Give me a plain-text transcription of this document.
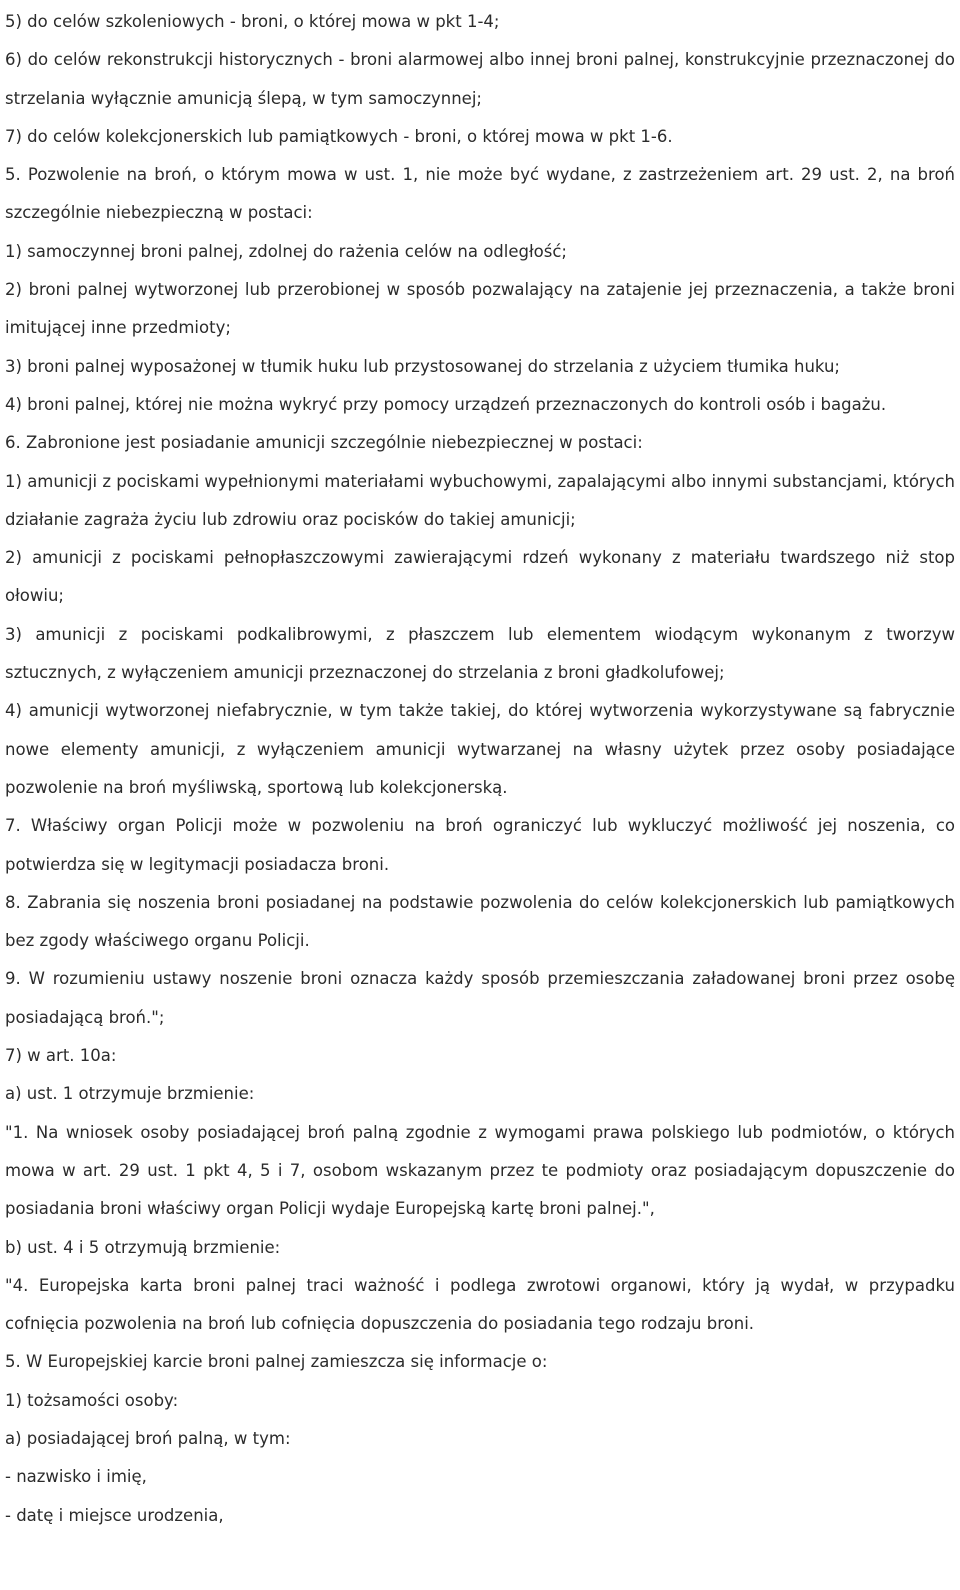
5) do celów szkoleniowych - broni, o której mowa w pkt 1-4;

6) do celów rekonstrukcji historycznych - broni alarmowej albo innej broni palnej, konstrukcyjnie przeznaczonej do strzelania wyłącznie amunicją ślepą, w tym samoczynnej;

7) do celów kolekcjonerskich lub pamiątkowych - broni, o której mowa w pkt 1-6.

5. Pozwolenie na broń, o którym mowa w ust. 1, nie może być wydane, z zastrzeżeniem art. 29 ust. 2, na broń szczególnie niebezpieczną w postaci:

1) samoczynnej broni palnej, zdolnej do rażenia celów na odległość;

2) broni palnej wytworzonej lub przerobionej w sposób pozwalający na zatajenie jej przeznaczenia, a także broni imitującej inne przedmioty;

3) broni palnej wyposażonej w tłumik huku lub przystosowanej do strzelania z użyciem tłumika huku;

4) broni palnej, której nie można wykryć przy pomocy urządzeń przeznaczonych do kontroli osób i bagażu.

6. Zabronione jest posiadanie amunicji szczególnie niebezpiecznej w postaci:

1) amunicji z pociskami wypełnionymi materiałami wybuchowymi, zapalającymi albo innymi substancjami, których działanie zagraża życiu lub zdrowiu oraz pocisków do takiej amunicji;

2) amunicji z pociskami pełnopłaszczowymi zawierającymi rdzeń wykonany z materiału twardszego niż stop ołowiu;

3) amunicji z pociskami podkalibrowymi, z płaszczem lub elementem wiodącym wykonanym z tworzyw sztucznych, z wyłączeniem amunicji przeznaczonej do strzelania z broni gładkolufowej;

4) amunicji wytworzonej niefabrycznie, w tym także takiej, do której wytworzenia wykorzystywane są fabrycznie nowe elementy amunicji, z wyłączeniem amunicji wytwarzanej na własny użytek przez osoby posiadające pozwolenie na broń myśliwską, sportową lub kolekcjonerską.

7. Właściwy organ Policji może w pozwoleniu na broń ograniczyć lub wykluczyć możliwość jej noszenia, co potwierdza się w legitymacji posiadacza broni.

8. Zabrania się noszenia broni posiadanej na podstawie pozwolenia do celów kolekcjonerskich lub pamiątkowych bez zgody właściwego organu Policji.

9. W rozumieniu ustawy noszenie broni oznacza każdy sposób przemieszczania załadowanej broni przez osobę posiadającą broń.";

7) w art. 10a:

a) ust. 1 otrzymuje brzmienie:

"1. Na wniosek osoby posiadającej broń palną zgodnie z wymogami prawa polskiego lub podmiotów, o których mowa w art. 29 ust. 1 pkt 4, 5 i 7, osobom wskazanym przez te podmioty oraz posiadającym dopuszczenie do posiadania broni właściwy organ Policji wydaje Europejską kartę broni palnej.",

b) ust. 4 i 5 otrzymują brzmienie:

"4. Europejska karta broni palnej traci ważność i podlega zwrotowi organowi, który ją wydał, w przypadku cofnięcia pozwolenia na broń lub cofnięcia dopuszczenia do posiadania tego rodzaju broni.

5. W Europejskiej karcie broni palnej zamieszcza się informacje o:

1) tożsamości osoby:

a) posiadającej broń palną, w tym:

- nazwisko i imię,

- datę i miejsce urodzenia,
